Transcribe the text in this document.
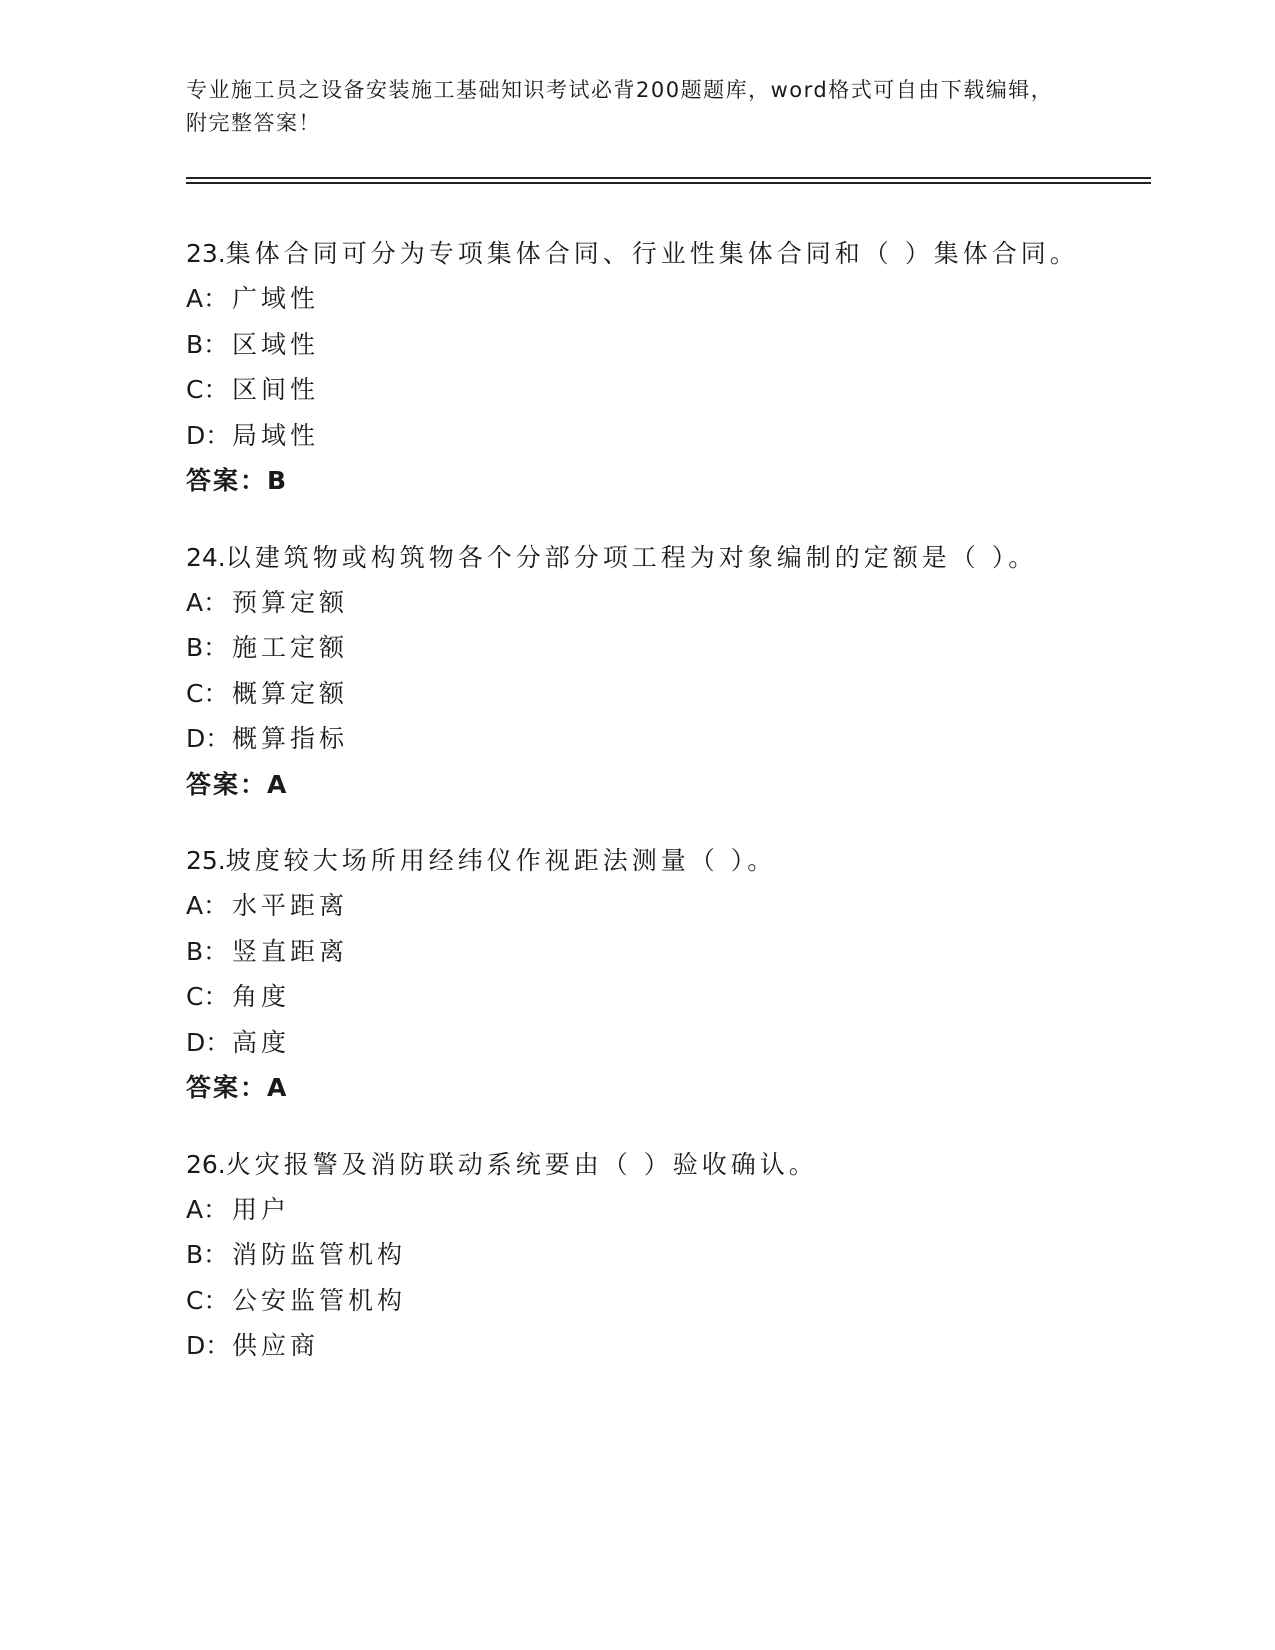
专业施工员之设备安装施工基础知识考试必背200题题库，word格式可自由下载编辑，附完整答案！

23.集体合同可分为专项集体合同、行业性集体合同和（ ）集体合同。

A： 广域性
B： 区域性
C： 区间性
D： 局域性
答案：B

24.以建筑物或构筑物各个分部分项工程为对象编制的定额是（ ）。

A： 预算定额
B： 施工定额
C： 概算定额
D： 概算指标
答案：A

25.坡度较大场所用经纬仪作视距法测量（ ）。

A： 水平距离
B： 竖直距离
C： 角度
D： 高度
答案：A

26.火灾报警及消防联动系统要由（ ）验收确认。

A： 用户
B： 消防监管机构
C： 公安监管机构
D： 供应商
